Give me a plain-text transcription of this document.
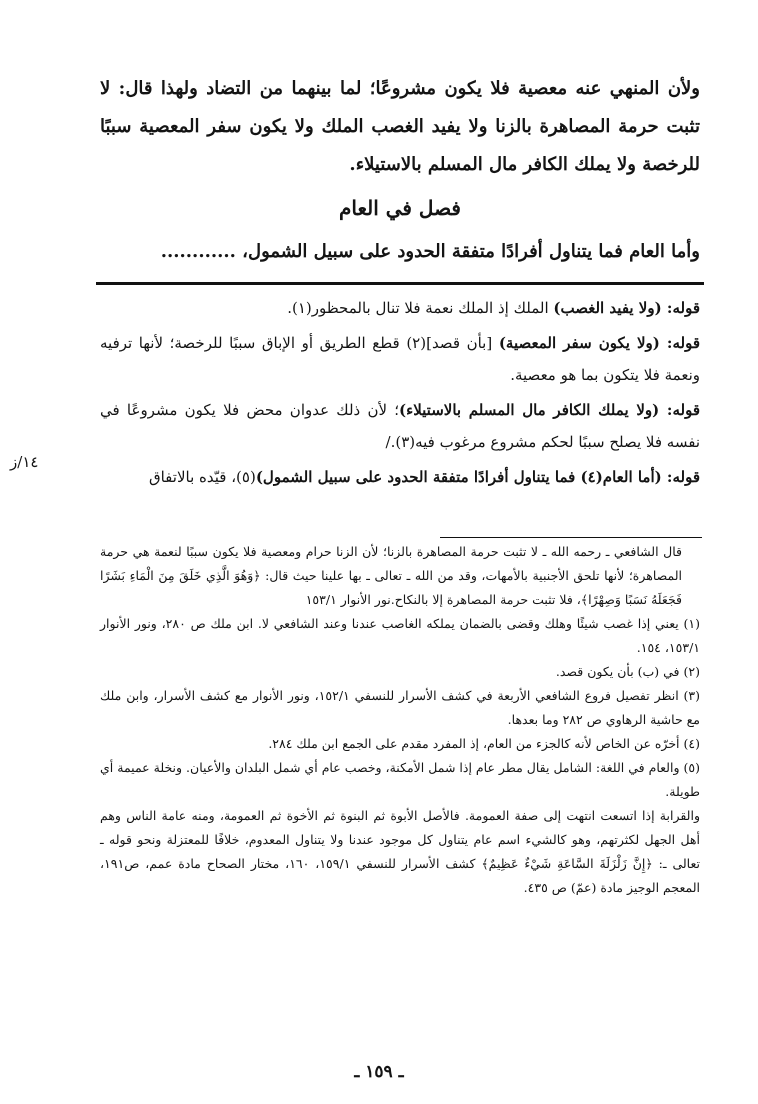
ولأن المنهي عنه معصية فلا يكون مشروعًا؛ لما بينهما من التضاد ولهذا قال: لا تثبت حرمة المصاهرة بالزنا ولا يفيد الغصب الملك ولا يكون سفر المعصية سببًا للرخصة ولا يملك الكافر مال المسلم بالاستيلاء.

فصل في العام
وأما العام فما يتناول أفرادًا متفقة الحدود على سبيل الشمول، ............
١٤/ز

قوله: (ولا يفيد الغصب) الملك إذ الملك نعمة فلا تنال بالمحظور(١).

قوله: (ولا يكون سفر المعصية) [بأن قصد](٢) قطع الطريق أو الإباق سببًا للرخصة؛ لأنها ترفيه ونعمة فلا يتكون بما هو معصية.

قوله: (ولا يملك الكافر مال المسلم بالاستيلاء)؛ لأن ذلك عدوان محض فلا يكون مشروعًا في نفسه فلا يصلح سببًا لحكم مشروع مرغوب فيه(٣)./

قوله: (أما العام(٤) فما يتناول أفرادًا متفقة الحدود على سبيل الشمول)(٥)، قيّده بالاتفاق

قال الشافعي ـ رحمه الله ـ لا تثبت حرمة المصاهرة بالزنا؛ لأن الزنا حرام ومعصية فلا يكون سببًا لنعمة هي حرمة المصاهرة؛ لأنها تلحق الأجنبية بالأمهات، وقد من الله ـ تعالى ـ بها علينا حيث قال: ﴿وَهُوَ الَّذِي خَلَقَ مِنَ الْمَاءِ بَشَرًا فَجَعَلَهُ نَسَبًا وَصِهْرًا﴾، فلا تثبت حرمة المصاهرة إلا بالنكاح.نور الأنوار ١٥٣/١

(١) يعني إذا غصب شيئًا وهلك وقضى بالضمان يملكه الغاصب عندنا وعند الشافعي لا. ابن ملك ص ٢٨٠، ونور الأنوار ١٥٣/١، ١٥٤.

(٢) في (ب) بأن يكون قصد.

(٣) انظر تفصيل فروع الشافعي الأربعة في كشف الأسرار للنسفي ١٥٢/١، ونور الأنوار مع كشف الأسرار، وابن ملك مع حاشية الرهاوي ص ٢٨٢ وما بعدها.

(٤) أخرّه عن الخاص لأنه كالجزء من العام، إذ المفرد مقدم على الجمع ابن ملك ٢٨٤.

(٥) والعام في اللغة: الشامل يقال مطر عام إذا شمل الأمكنة، وخصب عام أي شمل البلدان والأعيان. ونخلة عميمة أي طويلة.

والقرابة إذا اتسعت انتهت إلى صفة العمومة. فالأصل الأبوة ثم البنوة ثم الأخوة ثم العمومة، ومنه عامة الناس وهم أهل الجهل لكثرتهم، وهو كالشيء اسم عام يتناول كل موجود عندنا ولا يتناول المعدوم، خلافًا للمعتزلة ونحو قوله ـ تعالى ـ: ﴿إِنَّ زَلْزَلَةَ السَّاعَةِ شَيْءٌ عَظِيمٌ﴾ كشف الأسرار للنسفي ١٥٩/١، ١٦٠، مختار الصحاح مادة عمم، ص١٩١، المعجم الوجيز مادة (عمّ) ص ٤٣٥.

ـ ١٥٩ ـ
